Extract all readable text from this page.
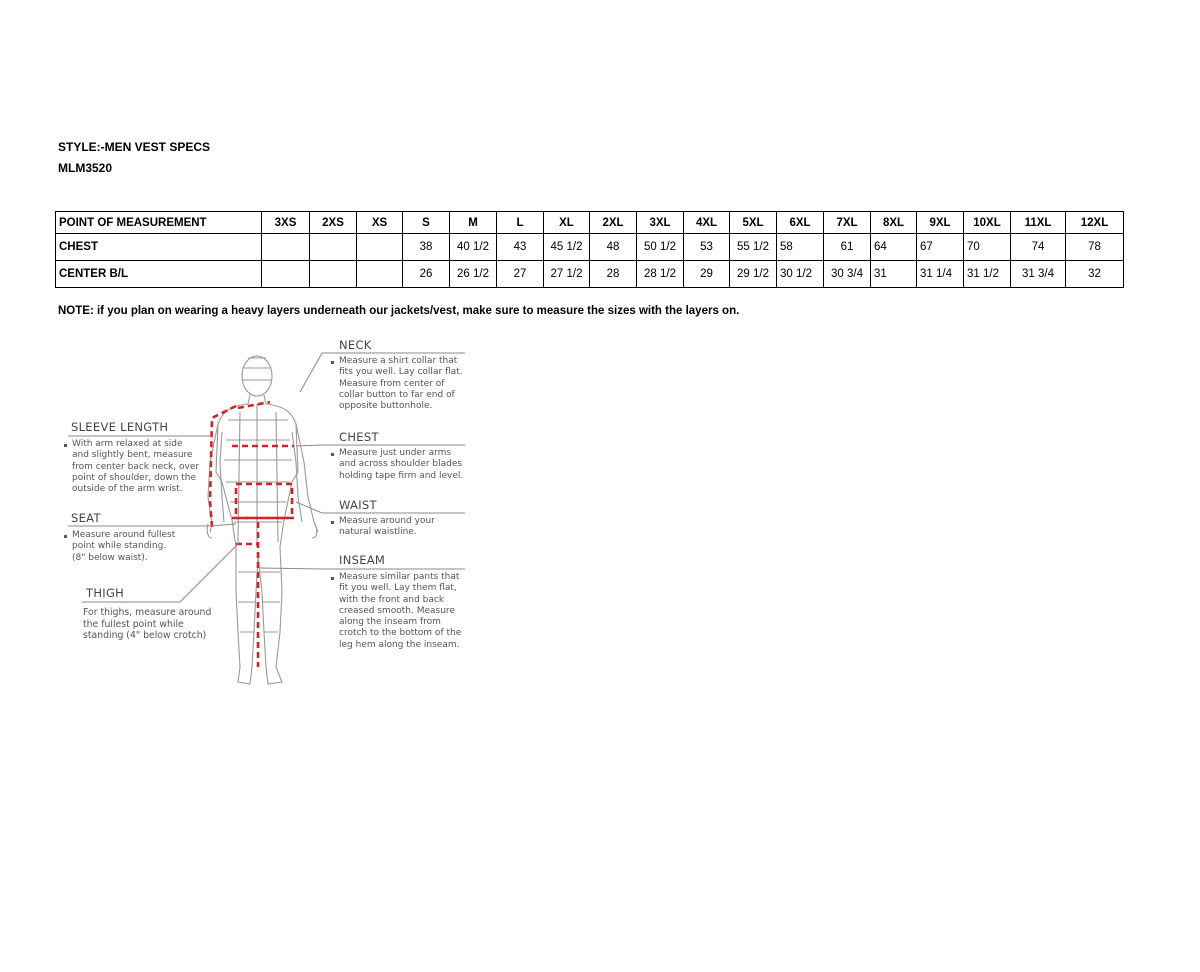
STYLE:-MEN VEST SPECS
MLM3520
POINT OF MEASUREMENT	3XS	2XS	XS	S	M	L	XL	2XL	3XL	4XL	5XL	6XL	7XL	8XL	9XL	10XL	11XL	12XL
CHEST				38	40 1/2	43	45 1/2	48	50 1/2	53	55 1/2	58	61	64	67	70	74	78
CENTER B/L				26	26 1/2	27	27 1/2	28	28 1/2	29	29 1/2	30 1/2	30 3/4	31	31 1/4	31 1/2	31 3/4	32
NOTE: if you plan on wearing a heavy layers underneath our jackets/vest, make sure to measure the sizes with the layers on.
NECK
Measure a shirt collar that
fits you well. Lay collar flat.
Measure from center of
collar button to far end of
opposite buttonhole.
CHEST
Measure just under arms
and across shoulder blades
holding tape firm and level.
WAIST
Measure around your
natural waistline.
INSEAM
Measure similar pants that
fit you well. Lay them flat,
with the front and back
creased smooth. Measure
along the inseam from
crotch to the bottom of the
leg hem along the inseam.
SLEEVE LENGTH
With arm relaxed at side
and slightly bent, measure
from center back neck, over
point of shoulder, down the
outside of the arm wrist.
SEAT
Measure around fullest
point while standing.
(8" below waist).
THIGH
For thighs, measure around
the fullest point while
standing (4" below crotch)
